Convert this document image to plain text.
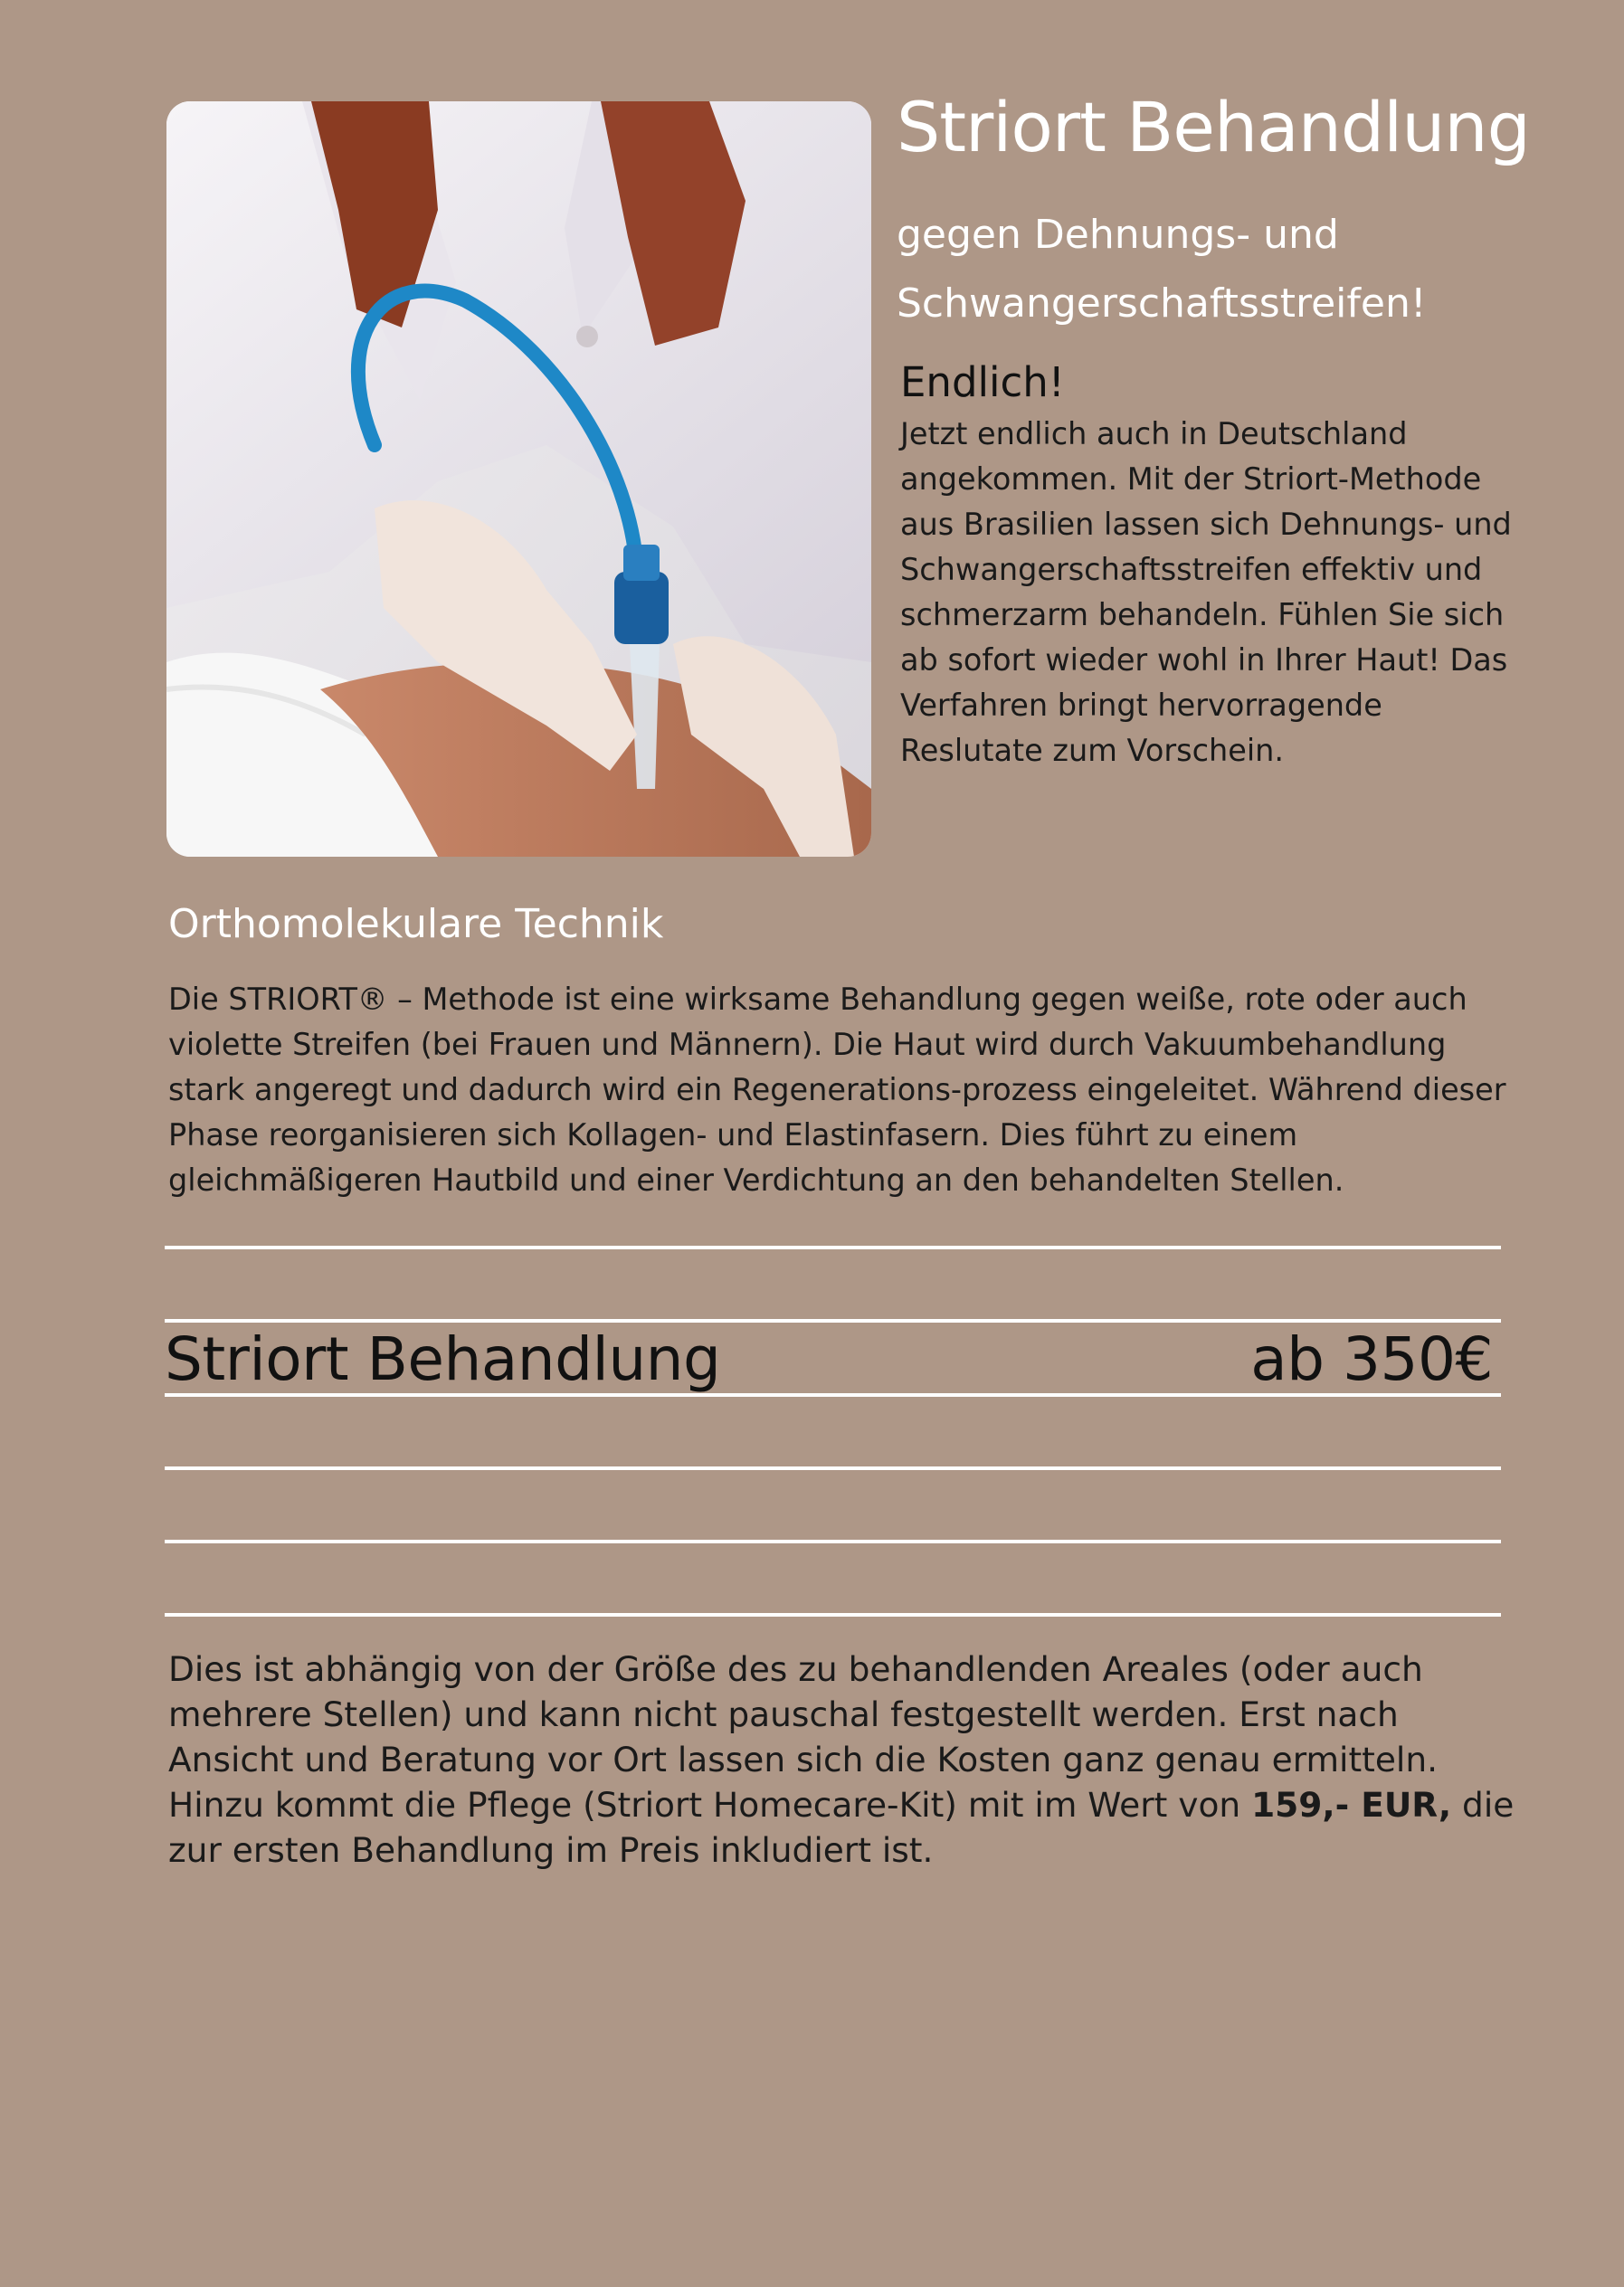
Striort Behandlung

gegen Dehnungs- und Schwangerschaftsstreifen!

Endlich!

Jetzt endlich auch in Deutschland angekommen. Mit der Striort-Methode aus Brasilien lassen sich Dehnungs- und Schwangerschaftsstreifen effektiv und schmerzarm behandeln. Fühlen Sie sich ab sofort wieder wohl in Ihrer Haut! Das Verfahren bringt hervorragende Reslutate zum Vorschein.

Orthomolekulare Technik

Die STRIORT® – Methode ist eine wirksame Behandlung gegen weiße, rote oder auch violette Streifen (bei Frauen und Männern). Die Haut wird durch Vakuumbehandlung stark angeregt und dadurch wird ein Regenerations-prozess eingeleitet. Während dieser Phase reorganisieren sich Kollagen- und Elastinfasern. Dies führt zu einem gleichmäßigeren Hautbild und einer Verdichtung an den behandelten Stellen.

Striort Behandlung	ab 350€

Dies ist abhängig von der Größe des zu behandlenden Areales (oder auch mehrere Stellen) und kann nicht pauschal festgestellt werden. Erst nach Ansicht und Beratung vor Ort lassen sich die Kosten ganz genau ermitteln. Hinzu kommt die Pflege (Striort Homecare-Kit) mit im Wert von 159,- EUR, die zur ersten Behandlung im Preis inkludiert ist.
